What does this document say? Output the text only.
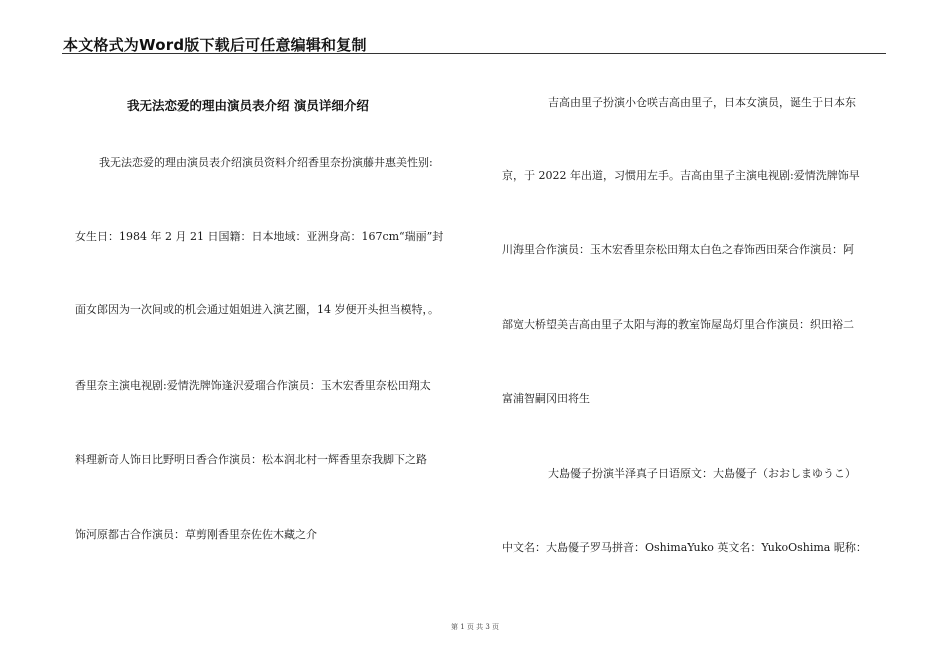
本文格式为Word版下载后可任意编辑和复制
我无法恋爱的理由演员表介绍 演员详细介绍
我无法恋爱的理由演员表介绍演员资料介绍香里奈扮演藤井惠美性别:
女生日：1984 年 2 月 21 日国籍：日本地域：亚洲身高：167cm“瑞丽”封
面女郎因为一次间或的机会通过姐姐进入演艺圈，14 岁便开头担当模特，。
香里奈主演电视剧:爱情洗牌饰逢沢爱瑠合作演员：玉木宏香里奈松田翔太
料理新奇人饰日比野明日香合作演员：松本润北村一辉香里奈我脚下之路
饰河原都古合作演员：草剪刚香里奈佐佐木藏之介
吉高由里子扮演小仓咲吉高由里子，日本女演员，诞生于日本东
京，于 2022 年出道，习惯用左手。吉高由里子主演电视剧:爱情洗牌饰早
川海里合作演员：玉木宏香里奈松田翔太白色之春饰西田栞合作演员：阿
部宽大桥望美吉高由里子太阳与海的教室饰屋岛灯里合作演员：织田裕二
富浦智嗣冈田将生
大島優子扮演半泽真子日语原文：大島優子（おおしまゆうこ）
中文名：大島優子罗马拼音：OshimaYuko 英文名：YukoOshima 昵称：
第 1 页 共 3 页
